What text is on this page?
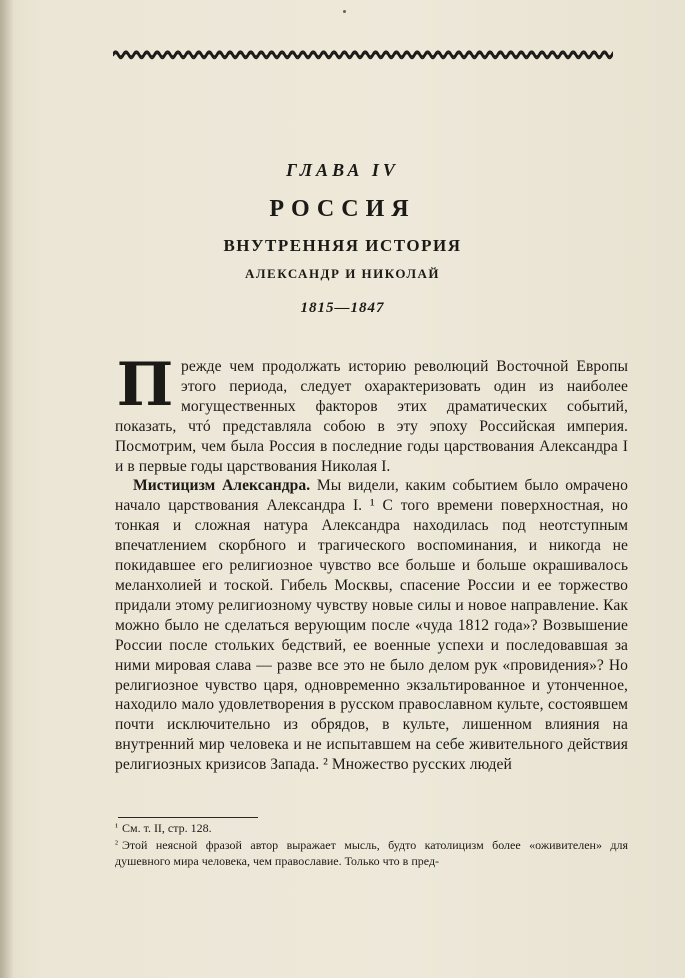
ГЛАВА IV
РОССИЯ
ВНУТРЕННЯЯ ИСТОРИЯ
АЛЕКСАНДР И НИКОЛАЙ
1815—1847
П режде чем продолжать историю революций Восточной Европы этого периода, следует охарактеризовать один из наиболее могущественных факторов этих драматических событий, показать, чтó представляла собою в эту эпоху Российская империя. Посмотрим, чем была Россия в последние годы царствования Александра I и в первые годы царствования Николая I.

Мистицизм Александра. Мы видели, каким событием было омрачено начало царствования Александра I. ¹ С того времени поверхностная, но тонкая и сложная натура Александра находилась под неотступным впечатлением скорбного и трагического воспоминания, и никогда не покидавшее его религиозное чувство все больше и больше окрашивалось меланхолией и тоской. Гибель Москвы, спасение России и ее торжество придали этому религиозному чувству новые силы и новое направление. Как можно было не сделаться верующим после «чуда 1812 года»? Возвышение России после стольких бедствий, ее военные успехи и последовавшая за ними мировая слава — разве все это не было делом рук «провидения»? Но религиозное чувство царя, одновременно экзальтированное и утонченное, находило мало удовлетворения в русском православном культе, состоявшем почти исключительно из обрядов, в культе, лишенном влияния на внутренний мир человека и не испытавшем на себе живительного действия религиозных кризисов Запада. ² Множество русских людей

¹ См. т. II, стр. 128.

² Этой неясной фразой автор выражает мысль, будто католицизм более «оживителен» для душевного мира человека, чем православие. Только что в пред-
